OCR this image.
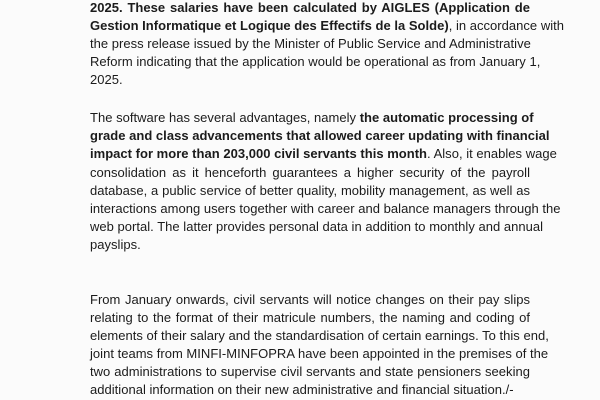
2025. These salaries have been calculated by AIGLES (Application de
Gestion Informatique et Logique des Effectifs de la Solde), in accordance with
the press release issued by the Minister of Public Service and Administrative
Reform indicating that the application would be operational as from January 1,
2025.
The software has several advantages, namely the automatic processing of
grade and class advancements that allowed career updating with financial
impact for more than 203,000 civil servants this month. Also, it enables wage
consolidation as it henceforth guarantees a higher security of the payroll
database, a public service of better quality, mobility management, as well as
interactions among users together with career and balance managers through the
web portal. The latter provides personal data in addition to monthly and annual
payslips.
From January onwards, civil servants will notice changes on their pay slips
relating to the format of their matricule numbers, the naming and coding of
elements of their salary and the standardisation of certain earnings. To this end,
joint teams from MINFI-MINFOPRA have been appointed in the premises of the
two administrations to supervise civil servants and state pensioners seeking
additional information on their new administrative and financial situation./-
